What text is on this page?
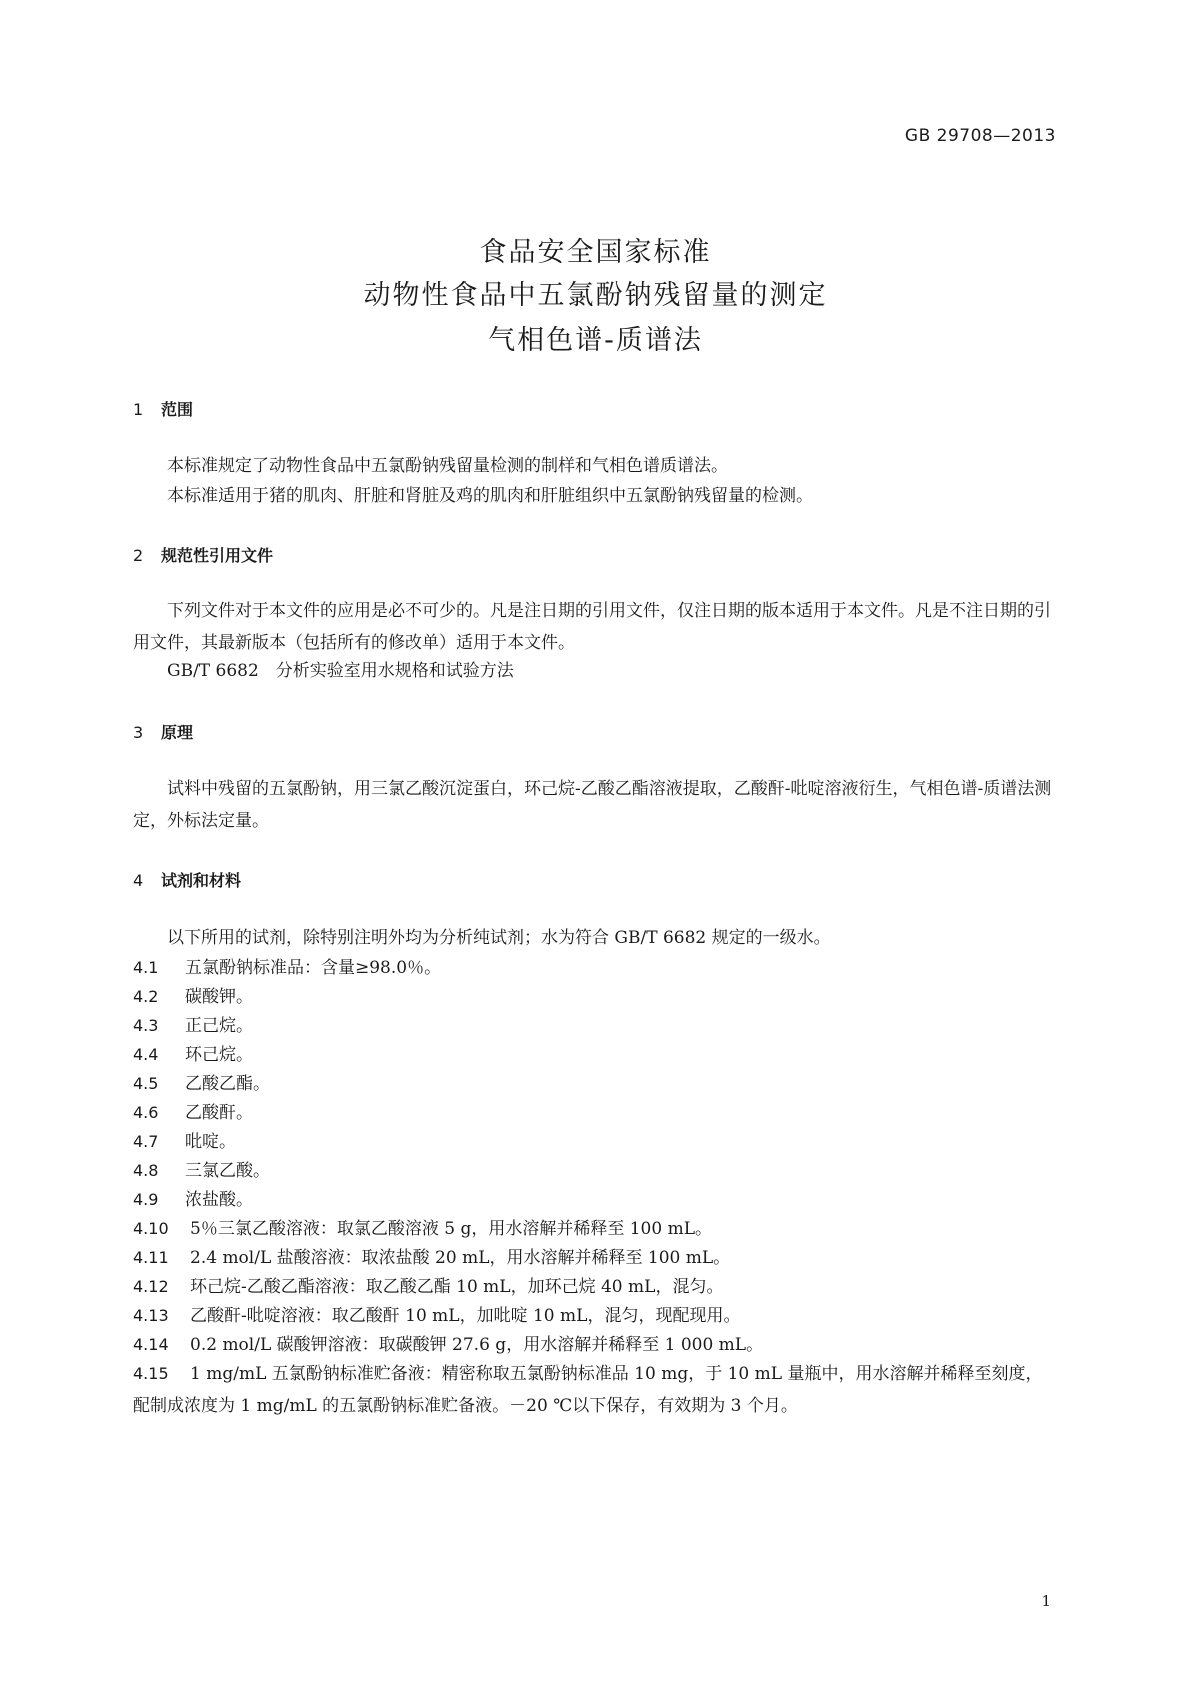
GB 29708—2013
食品安全国家标准
动物性食品中五氯酚钠残留量的测定
气相色谱-质谱法
1 范围
本标准规定了动物性食品中五氯酚钠残留量检测的制样和气相色谱质谱法。
本标准适用于猪的肌肉、肝脏和肾脏及鸡的肌肉和肝脏组织中五氯酚钠残留量的检测。
2 规范性引用文件
下列文件对于本文件的应用是必不可少的。凡是注日期的引用文件，仅注日期的版本适用于本文件。凡是不注日期的引用文件，其最新版本（包括所有的修改单）适用于本文件。
GB/T 6682　分析实验室用水规格和试验方法
3 原理
试料中残留的五氯酚钠，用三氯乙酸沉淀蛋白，环己烷-乙酸乙酯溶液提取，乙酸酐-吡啶溶液衍生，气相色谱-质谱法测定，外标法定量。
4 试剂和材料
以下所用的试剂，除特别注明外均为分析纯试剂；水为符合 GB/T 6682 规定的一级水。
4.1 五氯酚钠标准品：含量≥98.0％。
4.2 碳酸钾。
4.3 正己烷。
4.4 环己烷。
4.5 乙酸乙酯。
4.6 乙酸酐。
4.7 吡啶。
4.8 三氯乙酸。
4.9 浓盐酸。
4.10 5％三氯乙酸溶液：取氯乙酸溶液 5 g，用水溶解并稀释至 100 mL。
4.11 2.4 mol/L 盐酸溶液：取浓盐酸 20 mL，用水溶解并稀释至 100 mL。
4.12 环己烷-乙酸乙酯溶液：取乙酸乙酯 10 mL，加环己烷 40 mL，混匀。
4.13 乙酸酐-吡啶溶液：取乙酸酐 10 mL，加吡啶 10 mL，混匀，现配现用。
4.14 0.2 mol/L 碳酸钾溶液：取碳酸钾 27.6 g，用水溶解并稀释至 1 000 mL。
4.15 1 mg/mL 五氯酚钠标准贮备液：精密称取五氯酚钠标准品 10 mg，于 10 mL 量瓶中，用水溶解并稀释至刻度，配制成浓度为 1 mg/mL 的五氯酚钠标准贮备液。－20 ℃以下保存，有效期为 3 个月。
1
